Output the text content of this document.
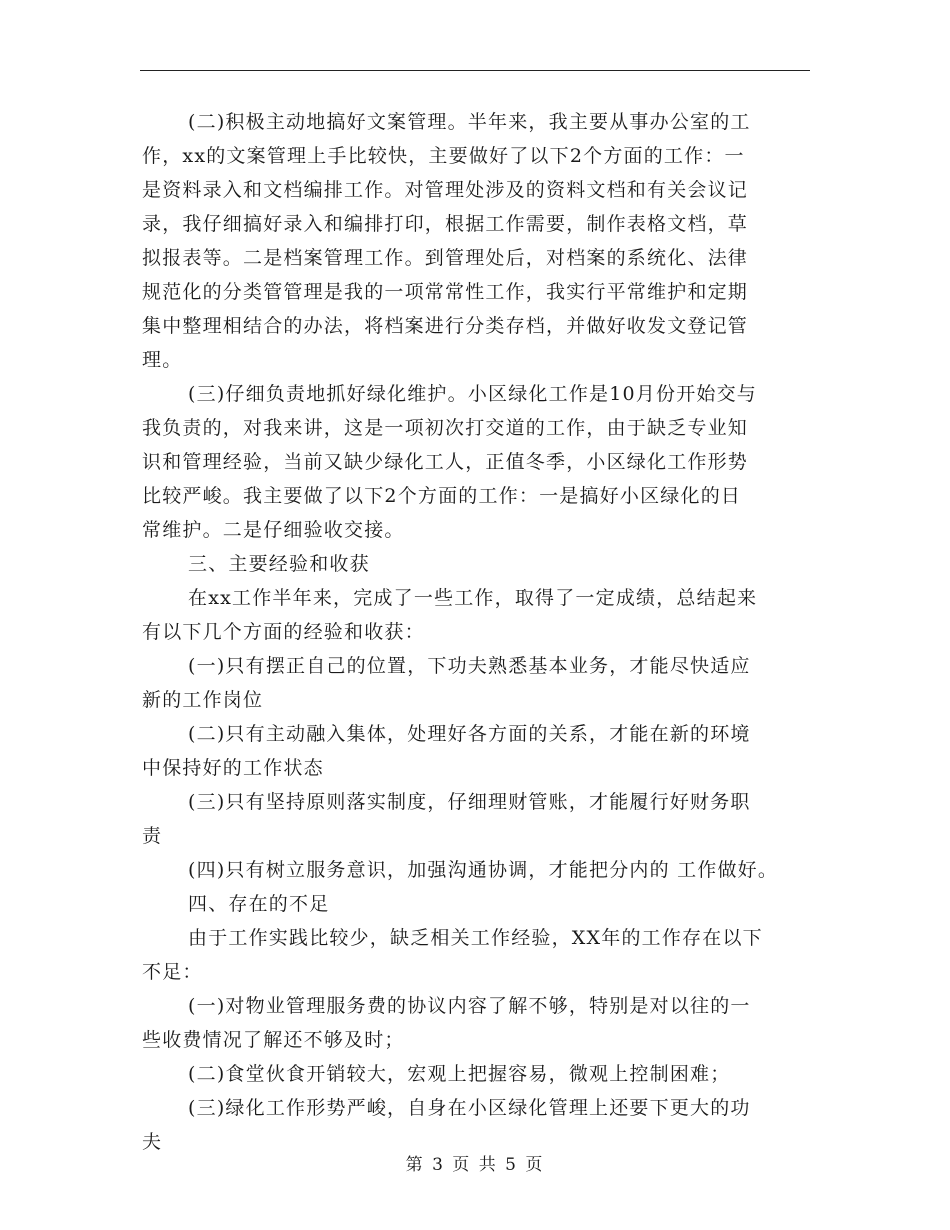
(二)积极主动地搞好文案管理。半年来，我主要从事办公室的工
作，xx的文案管理上手比较快，主要做好了以下2个方面的工作：一
是资料录入和文档编排工作。对管理处涉及的资料文档和有关会议记
录，我仔细搞好录入和编排打印，根据工作需要，制作表格文档，草
拟报表等。二是档案管理工作。到管理处后，对档案的系统化、法律
规范化的分类管管理是我的一项常常性工作，我实行平常维护和定期
集中整理相结合的办法，将档案进行分类存档，并做好收发文登记管
理。
(三)仔细负责地抓好绿化维护。小区绿化工作是10月份开始交与
我负责的，对我来讲，这是一项初次打交道的工作，由于缺乏专业知
识和管理经验，当前又缺少绿化工人，正值冬季，小区绿化工作形势
比较严峻。我主要做了以下2个方面的工作：一是搞好小区绿化的日
常维护。二是仔细验收交接。
三、主要经验和收获
在xx工作半年来，完成了一些工作，取得了一定成绩，总结起来
有以下几个方面的经验和收获：
(一)只有摆正自己的位置，下功夫熟悉基本业务，才能尽快适应
新的工作岗位
(二)只有主动融入集体，处理好各方面的关系，才能在新的环境
中保持好的工作状态
(三)只有坚持原则落实制度，仔细理财管账，才能履行好财务职
责
(四)只有树立服务意识，加强沟通协调，才能把分内的 工作做好。
四、存在的不足
由于工作实践比较少，缺乏相关工作经验，XX年的工作存在以下
不足：
(一)对物业管理服务费的协议内容了解不够，特别是对以往的一
些收费情况了解还不够及时；
(二)食堂伙食开销较大，宏观上把握容易，微观上控制困难；
(三)绿化工作形势严峻，自身在小区绿化管理上还要下更大的功
夫
第 3 页 共 5 页
